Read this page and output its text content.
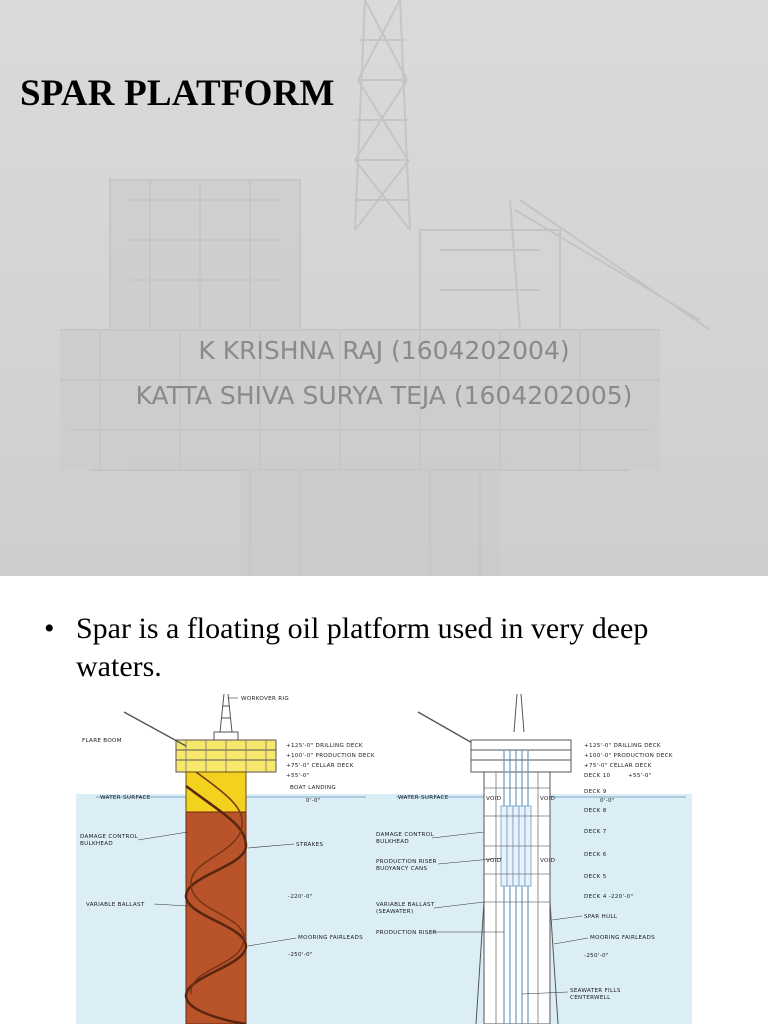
SPAR PLATFORM
K KRISHNA RAJ (1604202004)
KATTA SHIVA SURYA TEJA (1604202005)
• Spar is a floating oil platform used in very deep waters.
WORKOVER RIG
FLARE BOOM
+125'-0" DRILLING DECK
+100'-0" PRODUCTION DECK
+75'-0" CELLAR DECK
+55'-0"
BOAT LANDING
WATER SURFACE	0'-0"
DAMAGE CONTROL
BULKHEAD	STRAKES
VARIABLE BALLAST
-220'-0"
MOORING FAIRLEADS
-250'-0"
VOID	VOID
VOID	VOID
+125'-0" DRILLING DECK
+100'-0" PRODUCTION DECK
+75'-0" CELLAR DECK
DECK 10	+55'-0"
WATER SURFACE
DECK 9
0'-0"
DECK 8
DAMAGE CONTROL
BULKHEAD
DECK 7
PRODUCTION RISER
BUOYANCY CANS
DECK 6
DECK 5
VARIABLE BALLAST
(SEAWATER)
DECK 4 -220'-0"
SPAR HULL
PRODUCTION RISER
MOORING FAIRLEADS
-250'-0"
SEAWATER FILLS
CENTERWELL
